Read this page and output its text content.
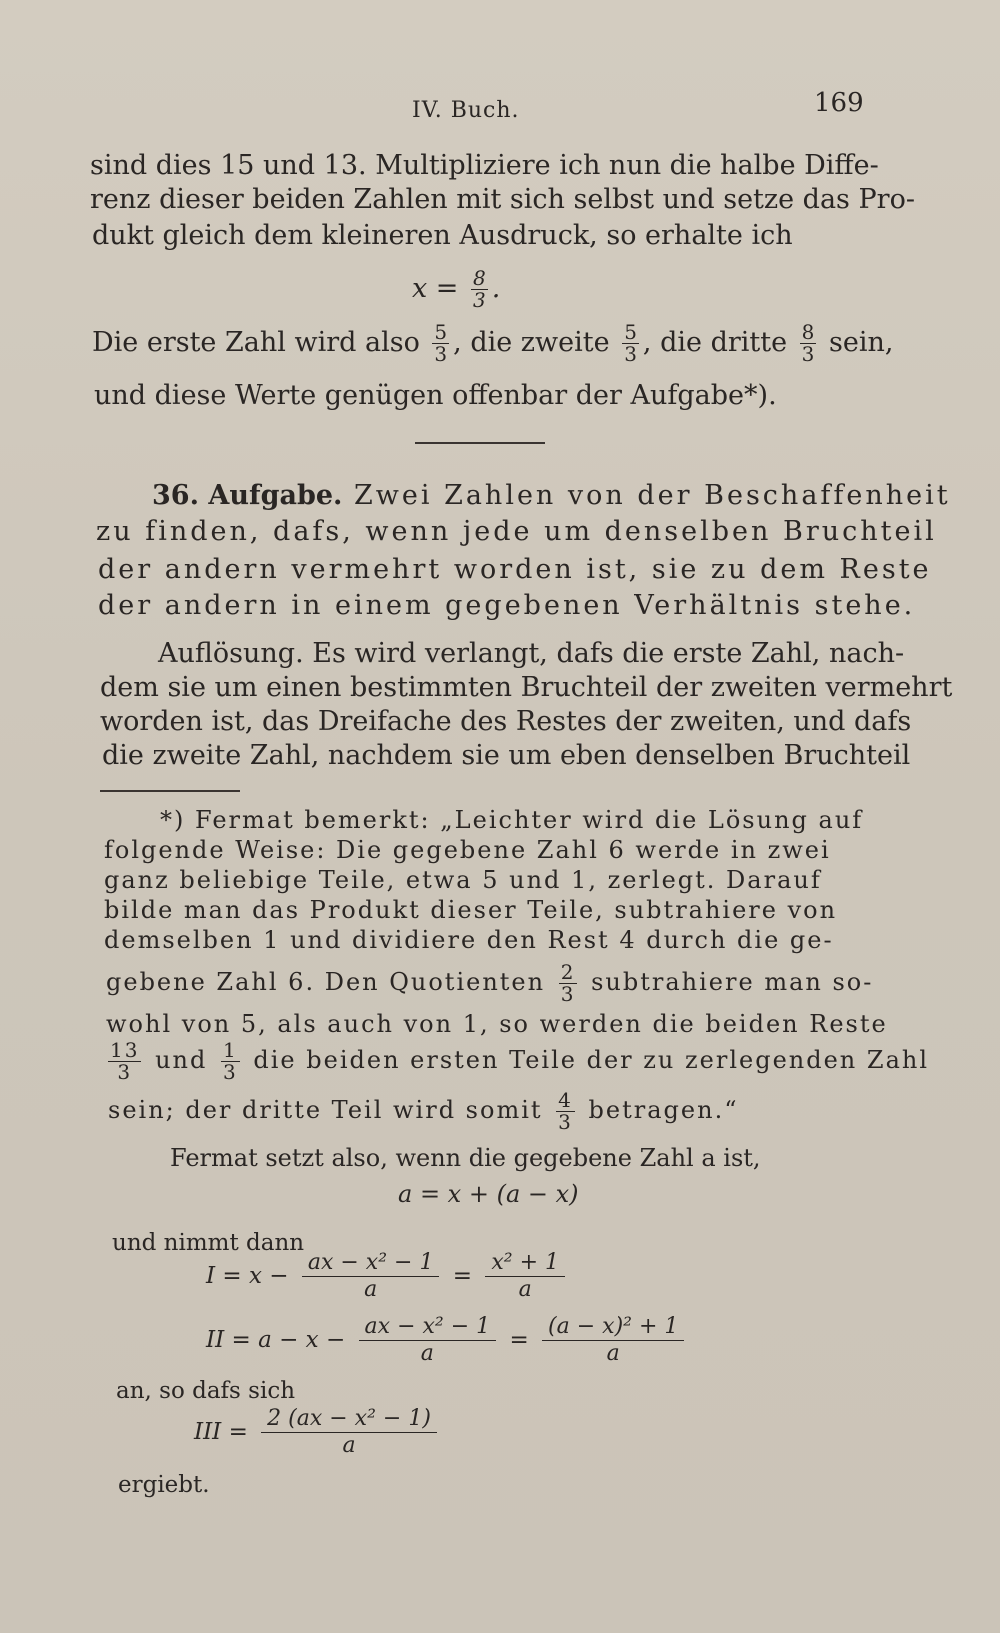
IV. Buch.	169
sind dies 15 und 13. Multipliziere ich nun die halbe Diffe-
renz dieser beiden Zahlen mit sich selbst und setze das Pro-
dukt gleich dem kleineren Ausdruck, so erhalte ich
$x = \frac{8}{3}$ .
Die erste Zahl wird also $\frac{5}{3}$ , die zweite $\frac{5}{3}$ , die dritte $\frac{8}{3}$ sein,
und diese Werte genügen offenbar der Aufgabe*).
36. Aufgabe. Zwei Zahlen von der Beschaffenheit
zu finden, dafs, wenn jede um denselben Bruchteil
der andern vermehrt worden ist, sie zu dem Reste
der andern in einem gegebenen Verhältnis stehe.
Auflösung. Es wird verlangt, dafs die erste Zahl, nach-
dem sie um einen bestimmten Bruchteil der zweiten vermehrt
worden ist, das Dreifache des Restes der zweiten, und dafs
die zweite Zahl, nachdem sie um eben denselben Bruchteil
*) Fermat bemerkt: „Leichter wird die Lösung auf
folgende Weise: Die gegebene Zahl 6 werde in zwei
ganz beliebige Teile, etwa 5 und 1, zerlegt. Darauf
bilde man das Produkt dieser Teile, subtrahiere von
demselben 1 und dividiere den Rest 4 durch die ge-
gebene Zahl 6. Den Quotienten $\frac{2}{3}$ subtrahiere man so-
wohl von 5, als auch von 1, so werden die beiden Reste
$\frac{13}{3}$ und $\frac{1}{3}$ die beiden ersten Teile der zu zerlegenden Zahl
sein; der dritte Teil wird somit $\frac{4}{3}$ betragen.“
Fermat setzt also, wenn die gegebene Zahl a ist,
a = x + (a − x)
und nimmt dann
$I = x - \frac{\text{ax − x² − 1}}{a} = \frac{\text{x² + 1}}{a}$
II = $a - x - \frac{\text{ax − x² − 1}}{a} = \frac{\text{(a − x)² + 1}}{a}$
an, so dafs sich
III = $\frac{\text{2 (ax − x² − 1)}}{a}$
ergiebt.
